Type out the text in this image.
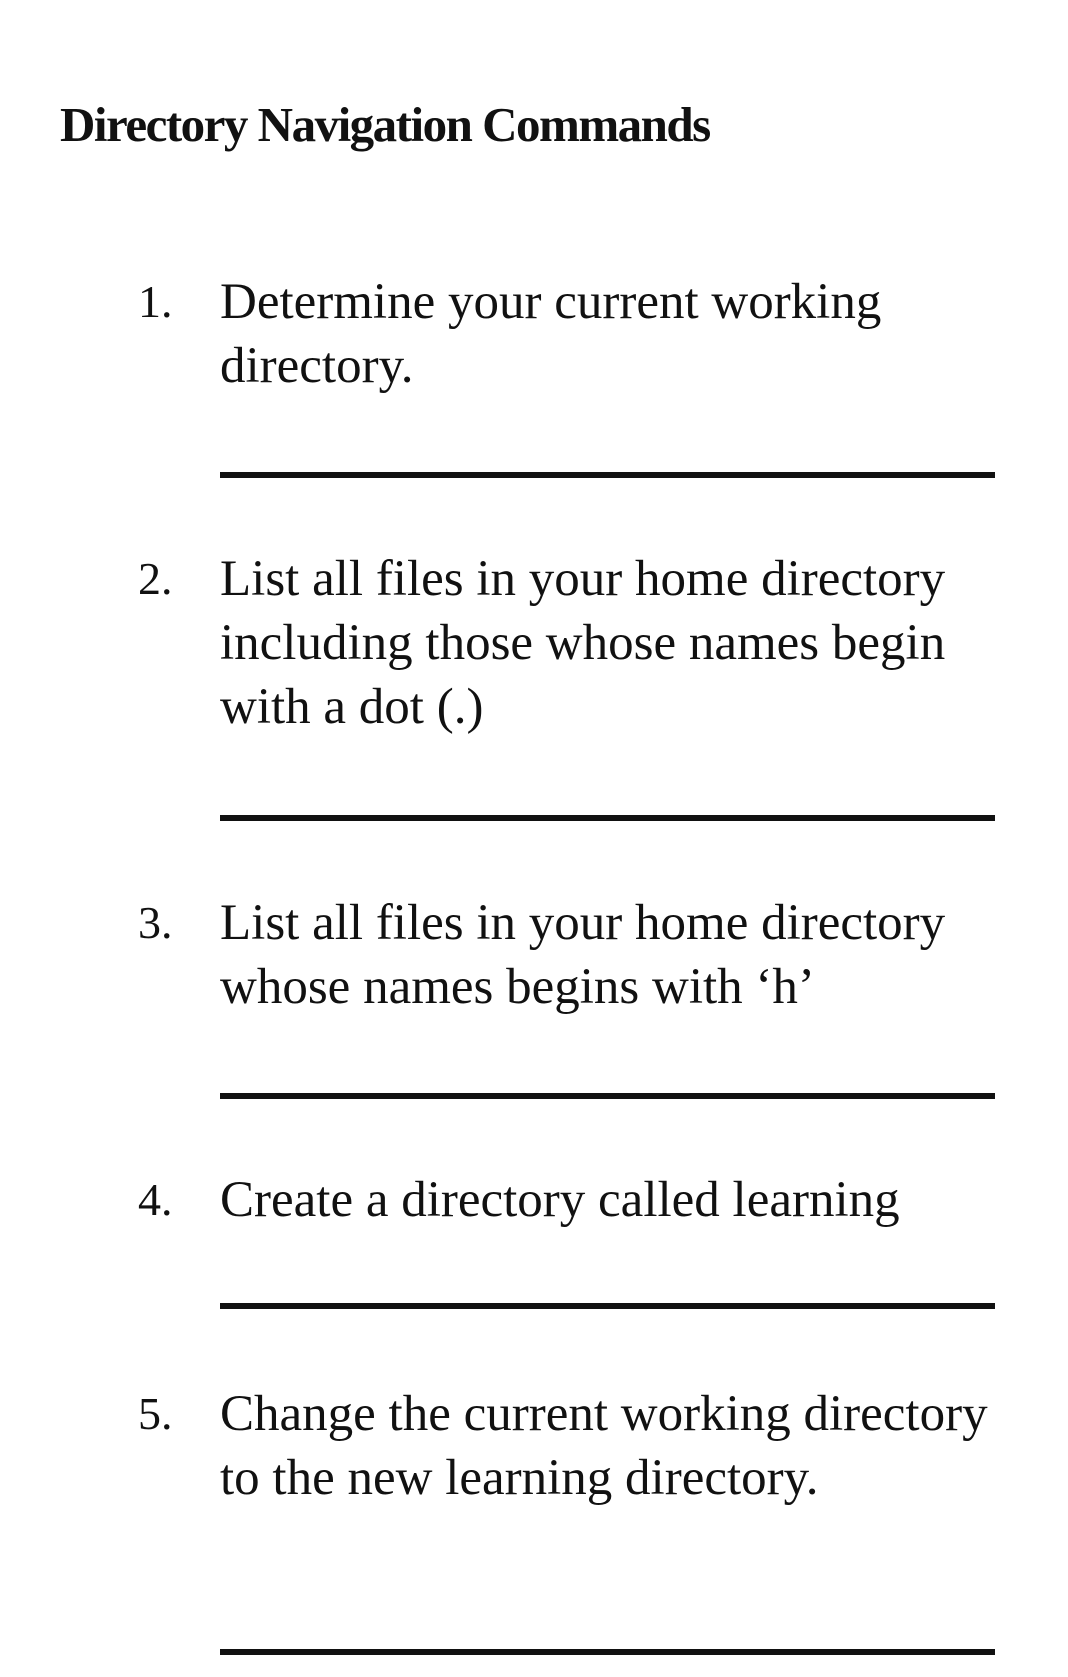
Directory Navigation Commands
1. Determine your current working directory.

2. List all files in your home directory including those whose names begin with a dot (.)

3. List all files in your home directory whose names begins with ‘h’

4. Create a directory called learning

5. Change the current working directory to the new learning directory.
